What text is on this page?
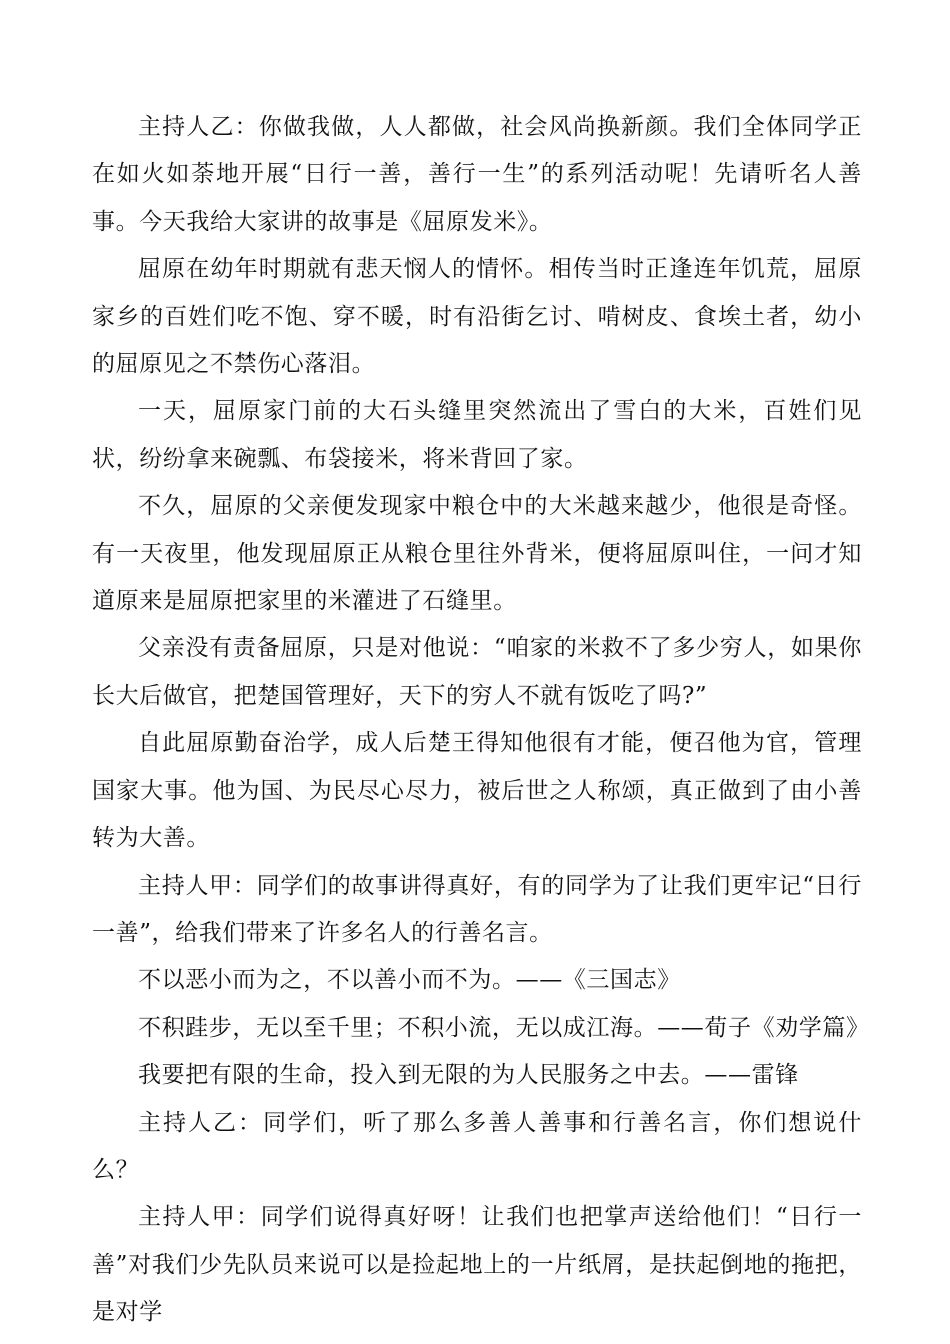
主持人乙：你做我做，人人都做，社会风尚换新颜。我们全体同学正在如火如荼地开展“日行一善，善行一生”的系列活动呢！先请听名人善事。今天我给大家讲的故事是《屈原发米》。

屈原在幼年时期就有悲天悯人的情怀。相传当时正逢连年饥荒，屈原家乡的百姓们吃不饱、穿不暖，时有沿街乞讨、啃树皮、食埃土者，幼小的屈原见之不禁伤心落泪。

一天，屈原家门前的大石头缝里突然流出了雪白的大米，百姓们见状，纷纷拿来碗瓢、布袋接米，将米背回了家。

不久，屈原的父亲便发现家中粮仓中的大米越来越少，他很是奇怪。有一天夜里，他发现屈原正从粮仓里往外背米，便将屈原叫住，一问才知道原来是屈原把家里的米灌进了石缝里。

父亲没有责备屈原，只是对他说：“咱家的米救不了多少穷人，如果你长大后做官，把楚国管理好，天下的穷人不就有饭吃了吗?”

自此屈原勤奋治学，成人后楚王得知他很有才能，便召他为官，管理国家大事。他为国、为民尽心尽力，被后世之人称颂，真正做到了由小善转为大善。

主持人甲：同学们的故事讲得真好，有的同学为了让我们更牢记“日行一善”，给我们带来了许多名人的行善名言。

不以恶小而为之，不以善小而不为。——《三国志》

不积跬步，无以至千里；不积小流，无以成江海。——荀子《劝学篇》

我要把有限的生命，投入到无限的为人民服务之中去。——雷锋

主持人乙：同学们，听了那么多善人善事和行善名言，你们想说什么？

主持人甲：同学们说得真好呀！让我们也把掌声送给他们！“日行一善”对我们少先队员来说可以是捡起地上的一片纸屑，是扶起倒地的拖把，是对学
